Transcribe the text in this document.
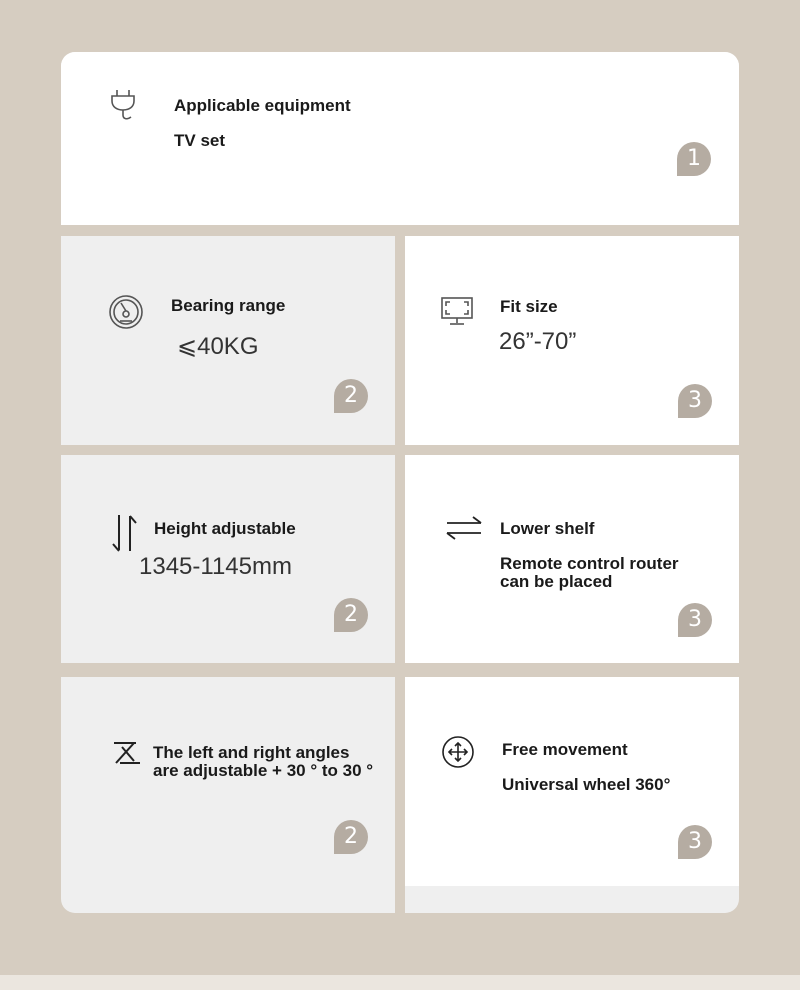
Applicable equipment
TV set
1
Bearing range
⩽40KG
2
Fit size
26”-70”
3
Height adjustable
1345-1145mm
2
Lower shelf
Remote control router can be placed
3
The left and right angles are adjustable + 30 ° to 30 °
2
Free movement
Universal wheel 360°
3
